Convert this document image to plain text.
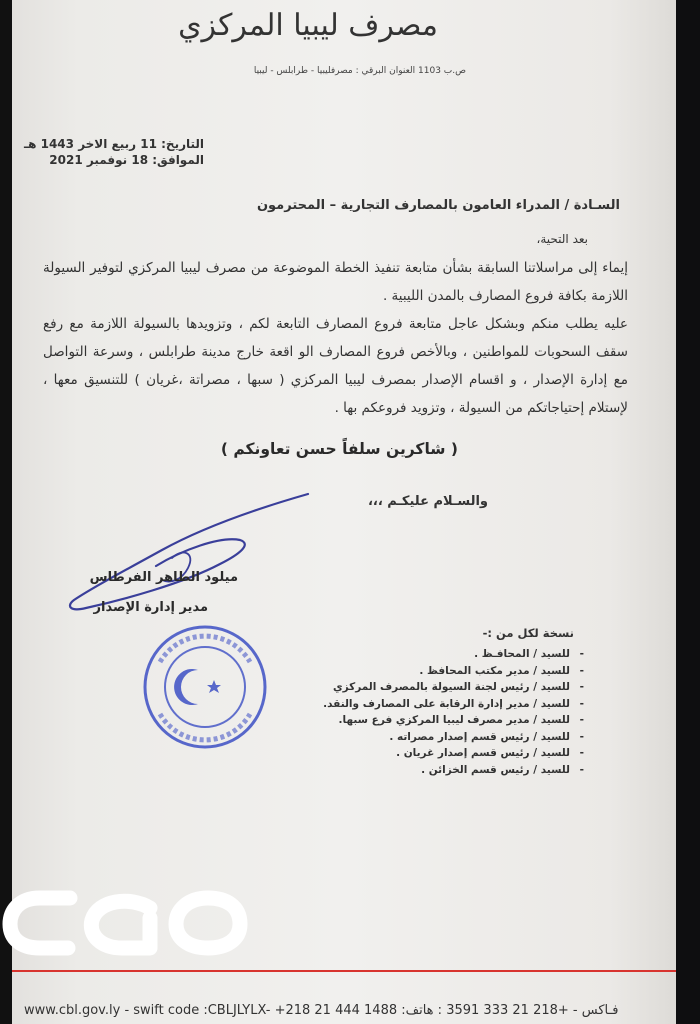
مصرف ليبيا المركزي
ص.ب 1103 العنوان البرقي : مصرفليبيا - طرابلس - ليبيا
التاريخ: 11 ربيع الاخر 1443 هـ
الموافق: 18 نوفمبر 2021
السـادة / المدراء العامون بالمصارف التجارية – المحترمون
بعد التحية،
إيماء إلى مراسلاتنا السابقة بشأن متابعة تنفيذ الخطة الموضوعة من مصرف ليبيا المركزي لتوفير السيولة اللازمة بكافة فروع المصارف بالمدن الليبية .
عليه يطلب منكم وبشكل عاجل متابعة فروع المصارف التابعة لكم ، وتزويدها بالسيولة اللازمة مع رفع سقف السحوبات للمواطنين ، وبالأخص فروع المصارف الو اقعة خارج مدينة طرابلس ، وسرعة التواصل مع إدارة الإصدار ، و اقسام الإصدار بمصرف ليبيا المركزي ( سبها ، مصراتة ،غريان ) للتنسيق معها ، لإستلام إحتياجاتكم من السيولة ، وتزويد فروعكم بها .
( شاكرين سلفاً حسن تعاونكم )
والسـلام عليكـم ،،،
ميلود الطاهر الفرطاس
مدير إدارة الإصدار
نسخة لكل من :-
- للسيد / المحافـظ .
- للسيد / مدير مكتب المحافظ .
- للسيد / رئيس لجنة السيولة بالمصرف المركزي
- للسيد / مدير إدارة الرقابة على المصارف والنقد.
- للسيد / مدير مصرف ليبيا المركزي فرع سبها.
- للسيد / رئيس قسم إصدار مصراته .
- للسيد / رئيس قسم إصدار غريان .
- للسيد / رئيس قسم الخزائن .
www.cbl.gov.ly - swift code :CBLJLYLX- +218 21 444 1488 :فـاكس - +218 21 333 3591 : هاتف
